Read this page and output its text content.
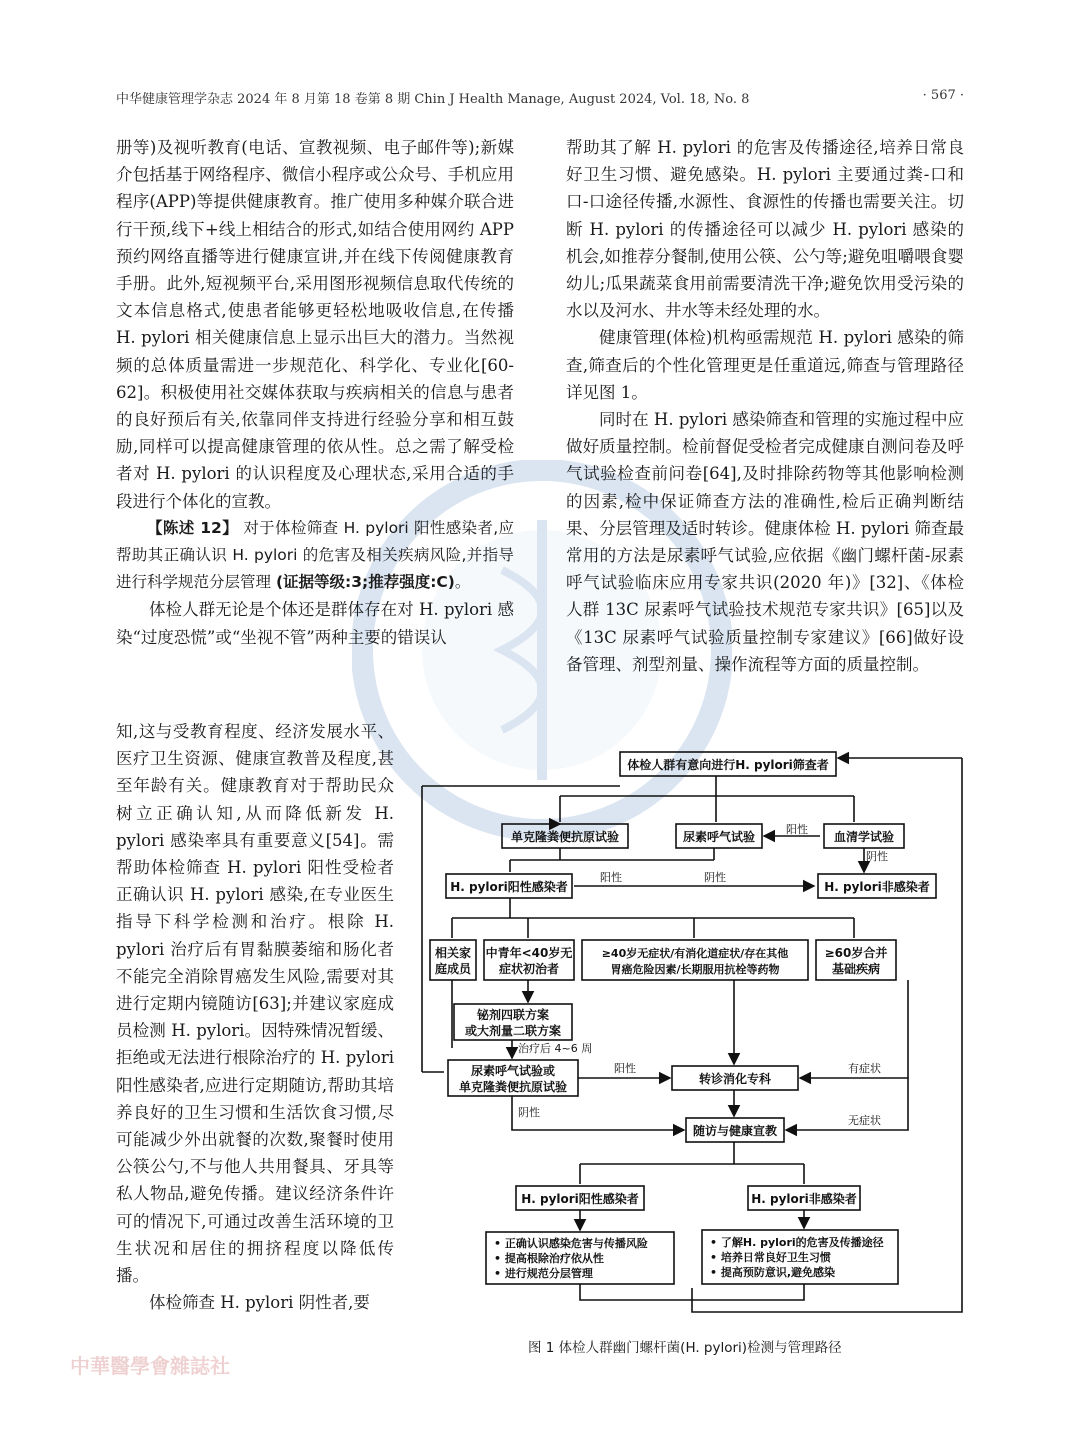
中华健康管理学杂志 2024 年 8 月第 18 卷第 8 期 Chin J Health Manage, August 2024, Vol. 18, No. 8	· 567 ·

册等)及视听教育(电话、宣教视频、电子邮件等);新媒介包括基于网络程序、微信小程序或公众号、手机应用程序(APP)等提供健康教育。推广使用多种媒介联合进行干预,线下+线上相结合的形式,如结合使用网约 APP 预约网络直播等进行健康宣讲,并在线下传阅健康教育手册。此外,短视频平台,采用图形视频信息取代传统的文本信息格式,使患者能够更轻松地吸收信息,在传播 H. pylori 相关健康信息上显示出巨大的潜力。当然视频的总体质量需进一步规范化、科学化、专业化[60-62]。积极使用社交媒体获取与疾病相关的信息与患者的良好预后有关,依靠同伴支持进行经验分享和相互鼓励,同样可以提高健康管理的依从性。总之需了解受检者对 H. pylori 的认识程度及心理状态,采用合适的手段进行个体化的宣教。

【陈述 12】 对于体检筛查 H. pylori 阳性感染者,应帮助其正确认识 H. pylori 的危害及相关疾病风险,并指导进行科学规范分层管理 (证据等级:3;推荐强度:C)。

体检人群无论是个体还是群体存在对 H. pylori 感染“过度恐慌”或“坐视不管”两种主要的错误认

知,这与受教育程度、经济发展水平、医疗卫生资源、健康宣教普及程度,甚至年龄有关。健康教育对于帮助民众树立正确认知,从而降低新发 H. pylori 感染率具有重要意义[54]。需帮助体检筛查 H. pylori 阳性受检者正确认识 H. pylori 感染,在专业医生指导下科学检测和治疗。根除 H. pylori 治疗后有胃黏膜萎缩和肠化者不能完全消除胃癌发生风险,需要对其进行定期内镜随访[63];并建议家庭成员检测 H. pylori。因特殊情况暂缓、拒绝或无法进行根除治疗的 H. pylori 阳性感染者,应进行定期随访,帮助其培养良好的卫生习惯和生活饮食习惯,尽可能减少外出就餐的次数,聚餐时使用公筷公勺,不与他人共用餐具、牙具等私人物品,避免传播。建议经济条件许可的情况下,可通过改善生活环境的卫生状况和居住的拥挤程度以降低传播。

体检筛查 H. pylori 阴性者,要

帮助其了解 H. pylori 的危害及传播途径,培养日常良好卫生习惯、避免感染。H. pylori 主要通过粪-口和口-口途径传播,水源性、食源性的传播也需要关注。切断 H. pylori 的传播途径可以减少 H. pylori 感染的机会,如推荐分餐制,使用公筷、公勺等;避免咀嚼喂食婴幼儿;瓜果蔬菜食用前需要清洗干净;避免饮用受污染的水以及河水、井水等未经处理的水。

健康管理(体检)机构亟需规范 H. pylori 感染的筛查,筛查后的个性化管理更是任重道远,筛查与管理路径详见图 1。

同时在 H. pylori 感染筛查和管理的实施过程中应做好质量控制。检前督促受检者完成健康自测问卷及呼气试验检查前问卷[64],及时排除药物等其他影响检测的因素,检中保证筛查方法的准确性,检后正确判断结果、分层管理及适时转诊。健康体检 H. pylori 筛查最常用的方法是尿素呼气试验,应依据《幽门螺杆菌-尿素呼气试验临床应用专家共识(2020 年)》[32]、《体检人群 13C 尿素呼气试验技术规范专家共识》[65]以及《13C 尿素呼气试验质量控制专家建议》[66]做好设备管理、剂型剂量、操作流程等方面的质量控制。

体检人群有意向进行H. pylori筛查者
单克隆粪便抗原试验	尿素呼气试验	血清学试验
H. pylori阳性感染者	H. pylori非感染者
相关家
庭成员
中青年<40岁无
症状初治者
≥40岁无症状/有消化道症状/存在其他
胃癌危险因素/长期服用抗栓等药物
≥60岁合并
基础疾病
铋剂四联方案
或大剂量二联方案
尿素呼气试验或
单克隆粪便抗原试验
转诊消化专科
随访与健康宣教
H. pylori阳性感染者	H. pylori非感染者
• 正确认识感染危害与传播风险
• 提高根除治疗依从性
• 进行规范分层管理
• 了解H. pylori的危害及传播途径
• 培养日常良好卫生习惯
• 提高预防意识,避免感染
阳性
阴性
阳性	阴性
治疗后 4~6 周
阳性	有症状
无症状
阴性
图 1 体检人群幽门螺杆菌(H. pylori)检测与管理路径
中華醫學會雜誌社
